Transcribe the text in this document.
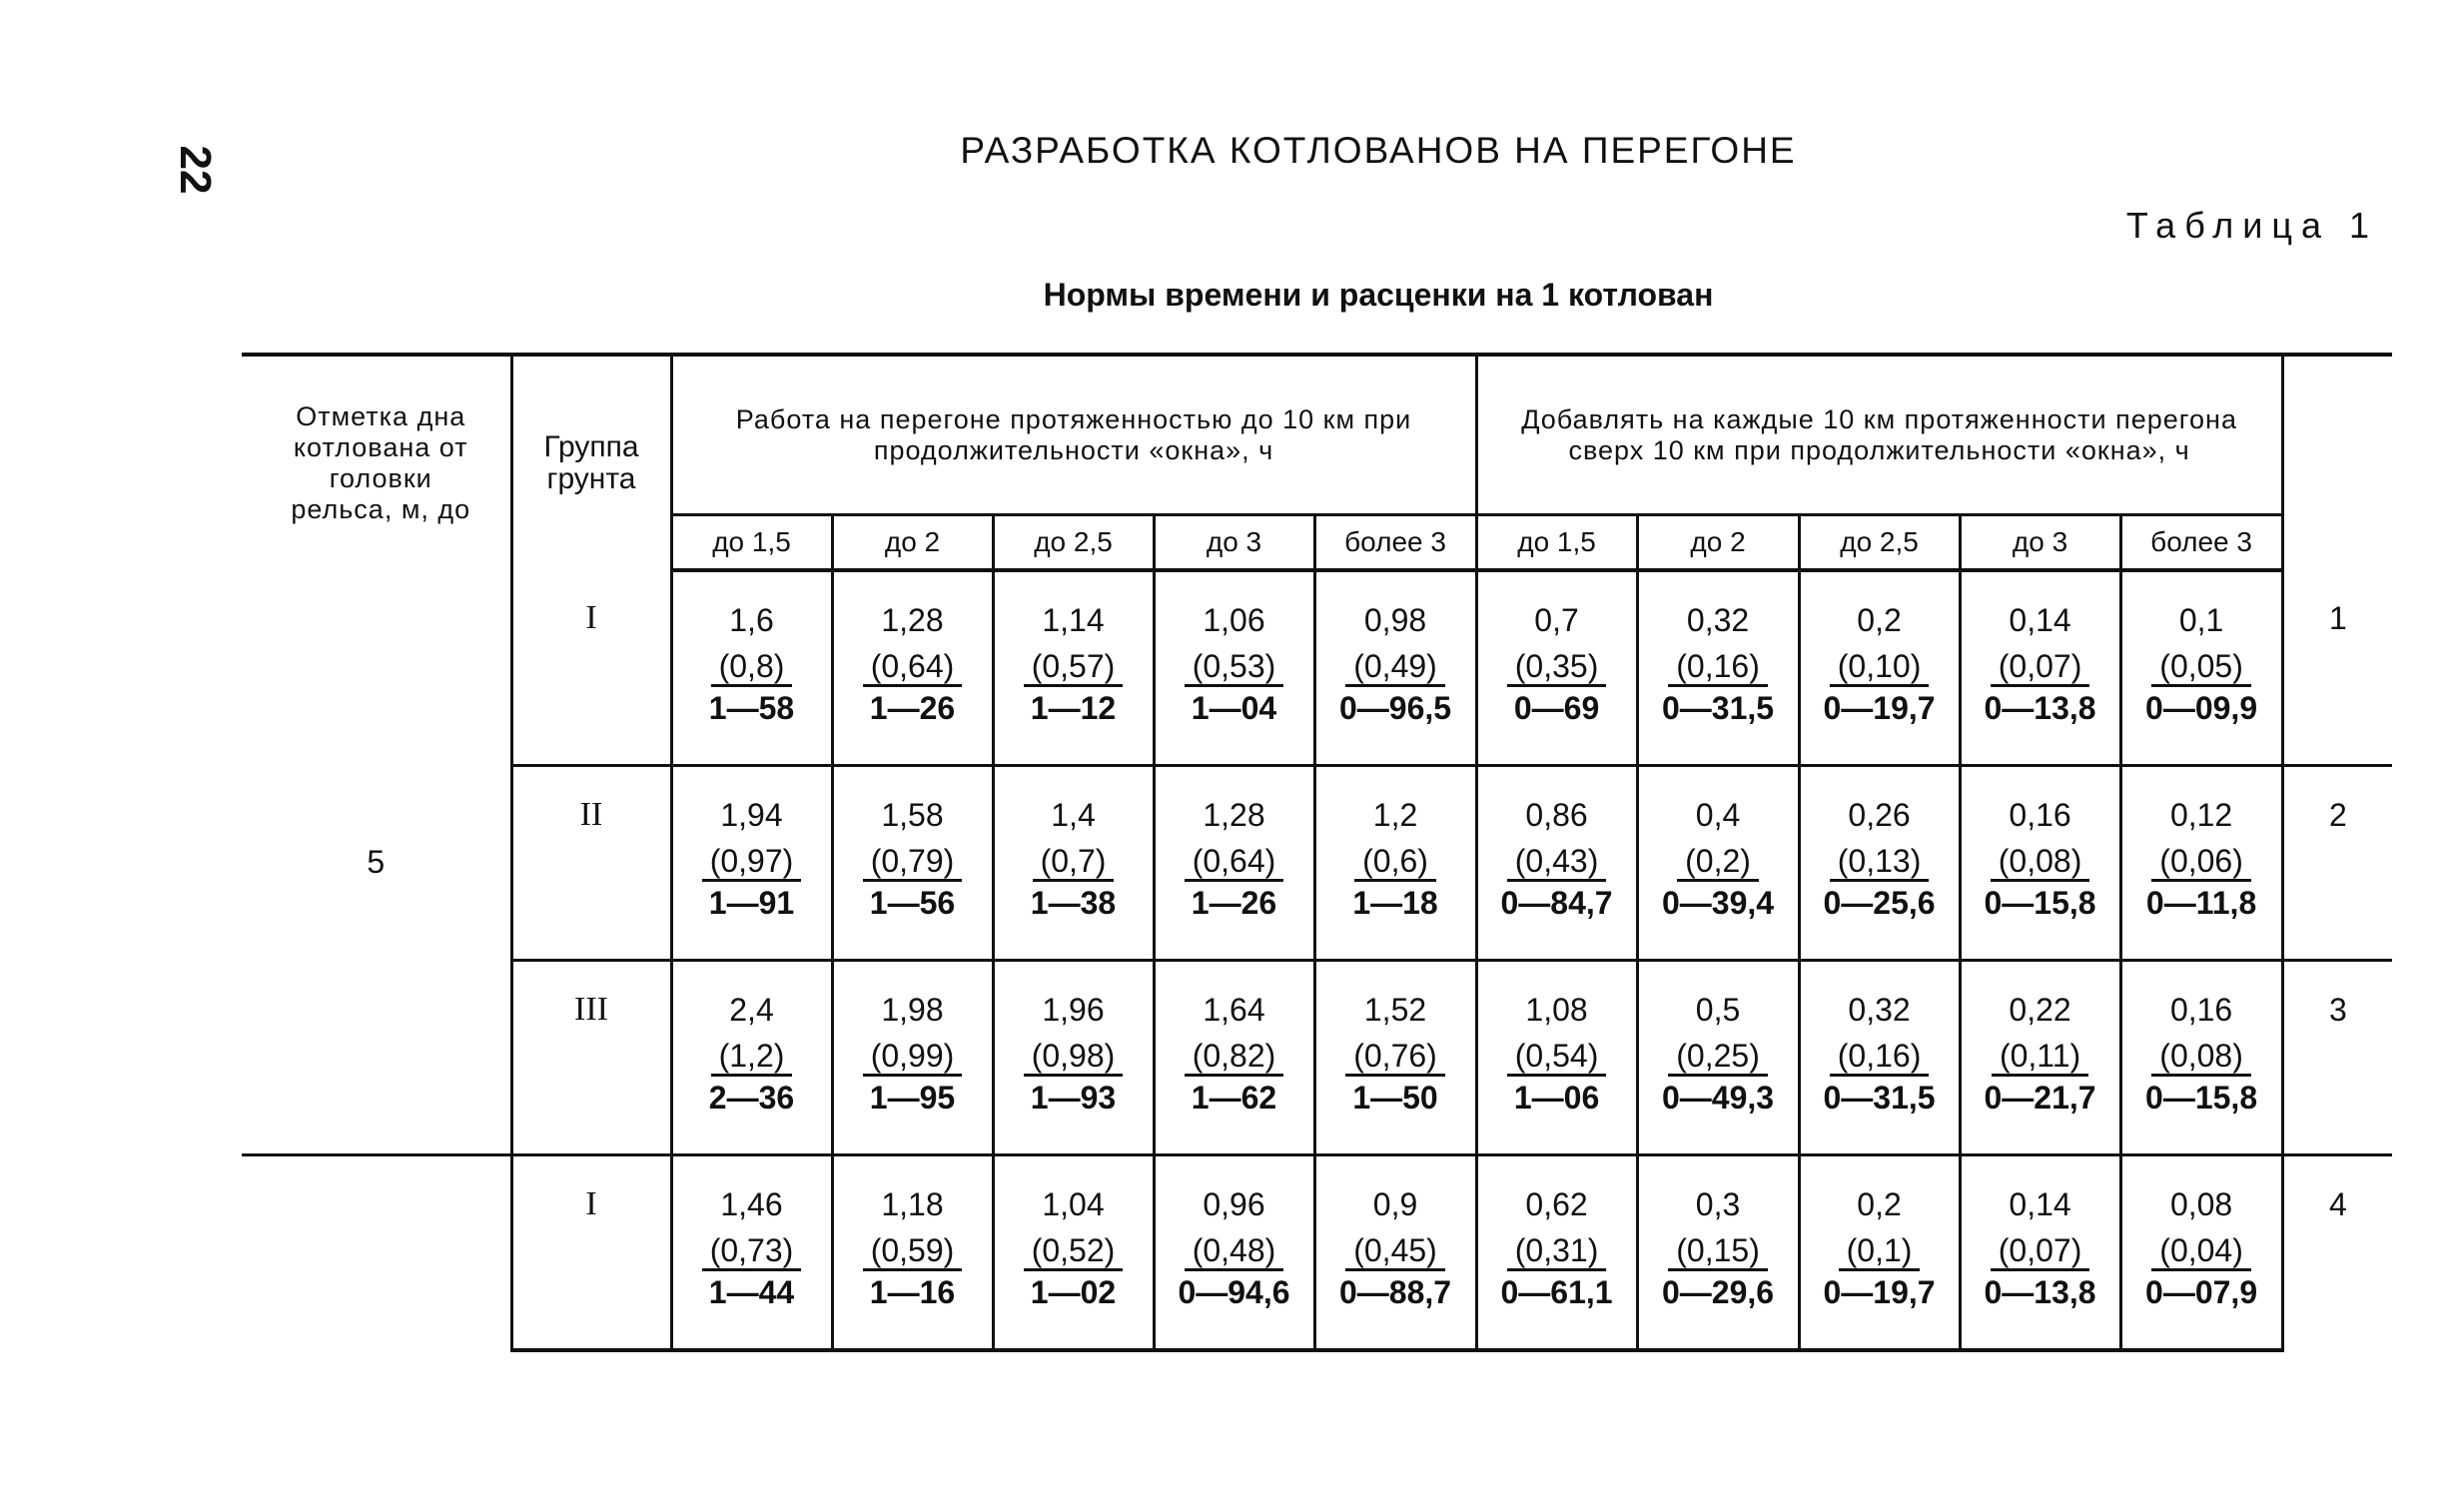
22	РАЗРАБОТКА КОТЛОВАНОВ НА ПЕРЕГОНЕ
Таблица 1
Нормы времени и расценки на 1 котлован
Отметка дна котлована от головки рельса, м, до	Группа грунта	Работа на перегоне протяженностью до 10 км при продолжительности «окна», ч					Добавлять на каждые 10 км протяженности перегона сверх 10 км при продолжительности «окна», ч					
		до 1,5	до 2	до 2,5	до 3	более 3	до 1,5	до 2	до 2,5	до 3	более 3	
5	I	1,6
(0,8)
1—58	1,28
(0,64)
1—26	1,14
(0,57)
1—12	1,06
(0,53)
1—04	0,98
(0,49)
0—96,5	0,7
(0,35)
0—69	0,32
(0,16)
0—31,5	0,2
(0,10)
0—19,7	0,14
(0,07)
0—13,8	0,1
(0,05)
0—09,9	1

	II	1,94
(0,97)
1—91	1,58
(0,79)
1—56	1,4
(0,7)
1—38	1,28
(0,64)
1—26	1,2
(0,6)
1—18	0,86
(0,43)
0—84,7	0,4
(0,2)
0—39,4	0,26
(0,13)
0—25,6	0,16
(0,08)
0—15,8	0,12
(0,06)
0—11,8	2

	III	2,4
(1,2)
2—36	1,98
(0,99)
1—95	1,96
(0,98)
1—93	1,64
(0,82)
1—62	1,52
(0,76)
1—50	1,08
(0,54)
1—06	0,5
(0,25)
0—49,3	0,32
(0,16)
0—31,5	0,22
(0,11)
0—21,7	0,16
(0,08)
0—15,8	3

	I	1,46
(0,73)
1—44	1,18
(0,59)
1—16	1,04
(0,52)
1—02	0,96
(0,48)
0—94,6	0,9
(0,45)
0—88,7	0,62
(0,31)
0—61,1	0,3
(0,15)
0—29,6	0,2
(0,1)
0—19,7	0,14
(0,07)
0—13,8	0,08
(0,04)
0—07,9	4
